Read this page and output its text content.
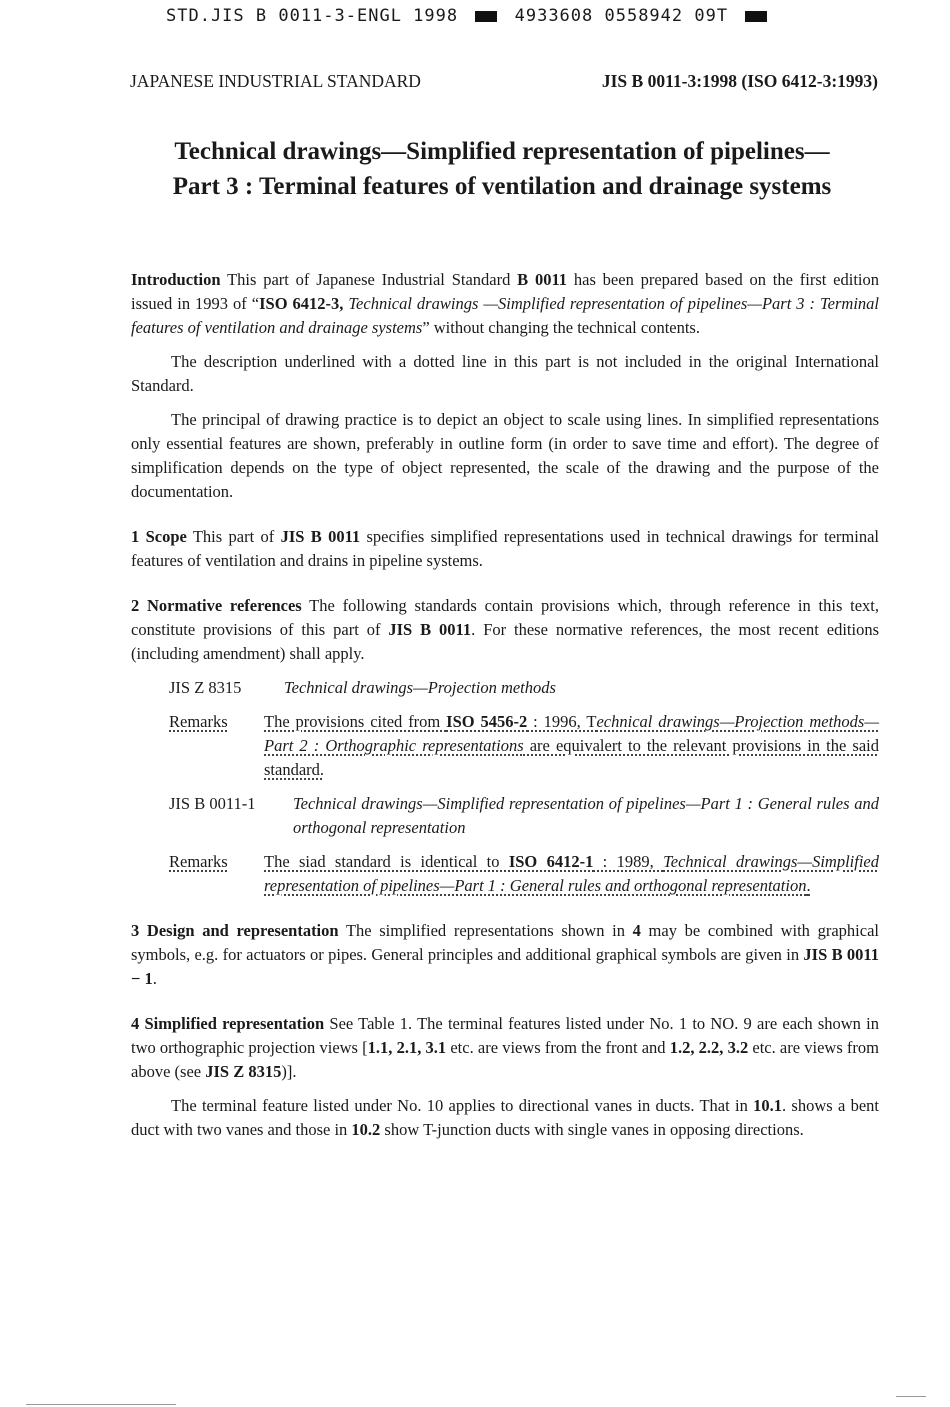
STD.JIS B 0011-3-ENGL 1998	4933608 0558942 09T
JAPANESE INDUSTRIAL STANDARD	JIS B 0011-3:1998 (ISO 6412-3:1993)
Technical drawings—Simplified representation of pipelines—
Part 3 : Terminal features of ventilation and drainage systems

Introduction This part of Japanese Industrial Standard B 0011 has been prepared based on the first edition issued in 1993 of “ISO 6412-3, Technical drawings —Simplified representation of pipelines—Part 3 : Terminal features of ventilation and drainage systems” without changing the technical contents.

The description underlined with a dotted line in this part is not included in the original International Standard.

The principal of drawing practice is to depict an object to scale using lines. In simplified representations only essential features are shown, preferably in outline form (in order to save time and effort). The degree of simplification depends on the type of object represented, the scale of the drawing and the purpose of the documentation.

1 Scope This part of JIS B 0011 specifies simplified representations used in technical drawings for terminal features of ventilation and drains in pipeline systems.

2 Normative references The following standards contain provisions which, through reference in this text, constitute provisions of this part of JIS B 0011. For these normative references, the most recent editions (including amendment) shall apply.

JIS Z 8315	Technical drawings—Projection methods
Remarks	The provisions cited from ISO 5456-2 : 1996, Technical drawings—Projection methods—Part 2 : Orthographic representations are equivalert to the relevant provisions in the said standard.
JIS B 0011-1	Technical drawings—Simplified representation of pipelines—Part 1 : General rules and orthogonal representation
Remarks	The siad standard is identical to ISO 6412-1 : 1989, Technical drawings—Simplified representation of pipelines—Part 1 : General rules and orthogonal representation.

3 Design and representation The simplified representations shown in 4 may be combined with graphical symbols, e.g. for actuators or pipes. General principles and additional graphical symbols are given in JIS B 0011 − 1.

4 Simplified representation See Table 1. The terminal features listed under No. 1 to NO. 9 are each shown in two orthographic projection views [1.1, 2.1, 3.1 etc. are views from the front and 1.2, 2.2, 3.2 etc. are views from above (see JIS Z 8315)].

The terminal feature listed under No. 10 applies to directional vanes in ducts. That in 10.1. shows a bent duct with two vanes and those in 10.2 show T-junction ducts with single vanes in opposing directions.
